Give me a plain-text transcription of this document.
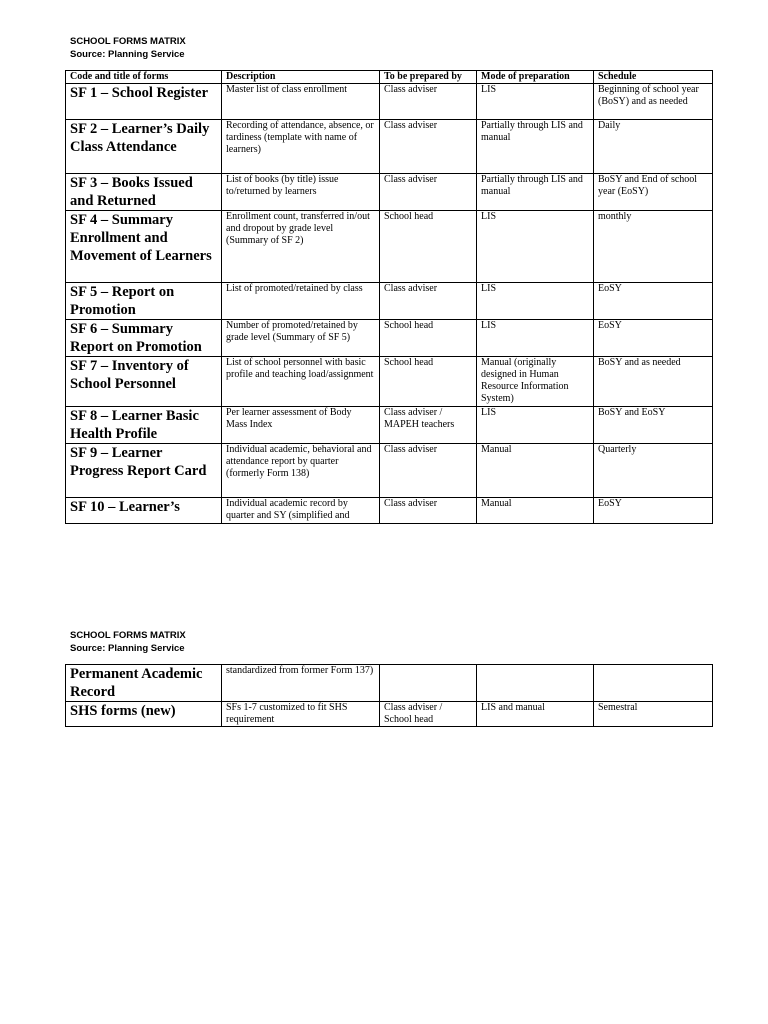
SCHOOL FORMS MATRIX
Source: Planning Service
Code and title of forms	Description	To be prepared by	Mode of preparation	Schedule
SF 1 – School Register	Master list of class enrollment	Class adviser	LIS	Beginning of school year (BoSY) and as needed
SF 2 – Learner’s Daily Class Attendance	Recording of attendance, absence, or tardiness (template with name of learners)	Class adviser	Partially through LIS and manual	Daily
SF 3 – Books Issued and Returned	List of books (by title) issue to/returned by learners	Class adviser	Partially through LIS and manual	BoSY and End of school year (EoSY)
SF 4 – Summary Enrollment and Movement of Learners	Enrollment count, transferred in/out and dropout by grade level (Summary of SF 2)	School head	LIS	monthly
SF 5 – Report on Promotion	List of promoted/retained by class	Class adviser	LIS	EoSY
SF 6 – Summary Report on Promotion	Number of promoted/retained by grade level (Summary of SF 5)	School head	LIS	EoSY
SF 7 – Inventory of School Personnel	List of school personnel with basic profile and teaching load/assignment	School head	Manual (originally designed in Human Resource Information System)	BoSY and as needed
SF 8 – Learner Basic Health Profile	Per learner assessment of Body Mass Index	Class adviser / MAPEH teachers	LIS	BoSY and EoSY
SF 9 – Learner Progress Report Card	Individual academic, behavioral and attendance report by quarter (formerly Form 138)	Class adviser	Manual	Quarterly
SF 10 – Learner’s	Individual academic record by quarter and SY (simplified and	Class adviser	Manual	EoSY
SCHOOL FORMS MATRIX
Source: Planning Service
Permanent Academic Record	standardized from former Form 137)			
SHS forms (new)	SFs 1-7 customized to fit SHS requirement	Class adviser / School head	LIS and manual	Semestral
